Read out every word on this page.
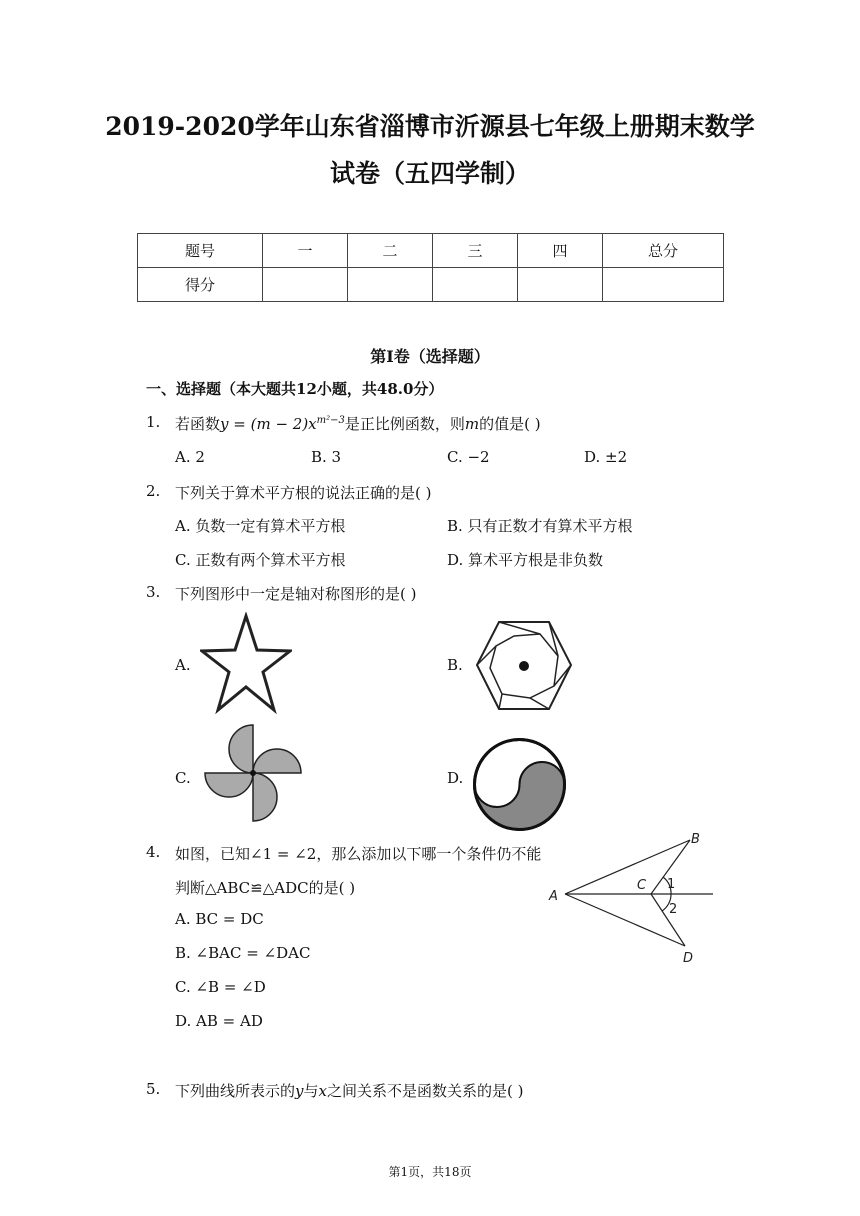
2019-2020学年山东省淄博市沂源县七年级上册期末数学
试卷（五四学制）
题号	一	二	三	四	总分
得分					
第I卷（选择题）
一、选择题（本大题共12小题，共48.0分）
1. 若函数$y = (m - 2)x^{m^2-3}$是正比例函数，则m的值是( )
A. 2	B. 3	C. −2	D. ±2
2. 下列关于算术平方根的说法正确的是( )
A. 负数一定有算术平方根	B. 只有正数才有算术平方根
C. 正数有两个算术平方根	D. 算术平方根是非负数
3. 下列图形中一定是轴对称图形的是( )
A.	B.
C.	D.
4. 如图，已知∠1 = ∠2，那么添加以下哪一个条件仍不能
判断△ABC≌△ADC的是( )
A. BC = DC
B. ∠BAC = ∠DAC
C. ∠B = ∠D
D. AB = AD
A
B
C
D
1
2
5. 下列曲线所表示的y与x之间关系不是函数关系的是( )
第1页，共18页
